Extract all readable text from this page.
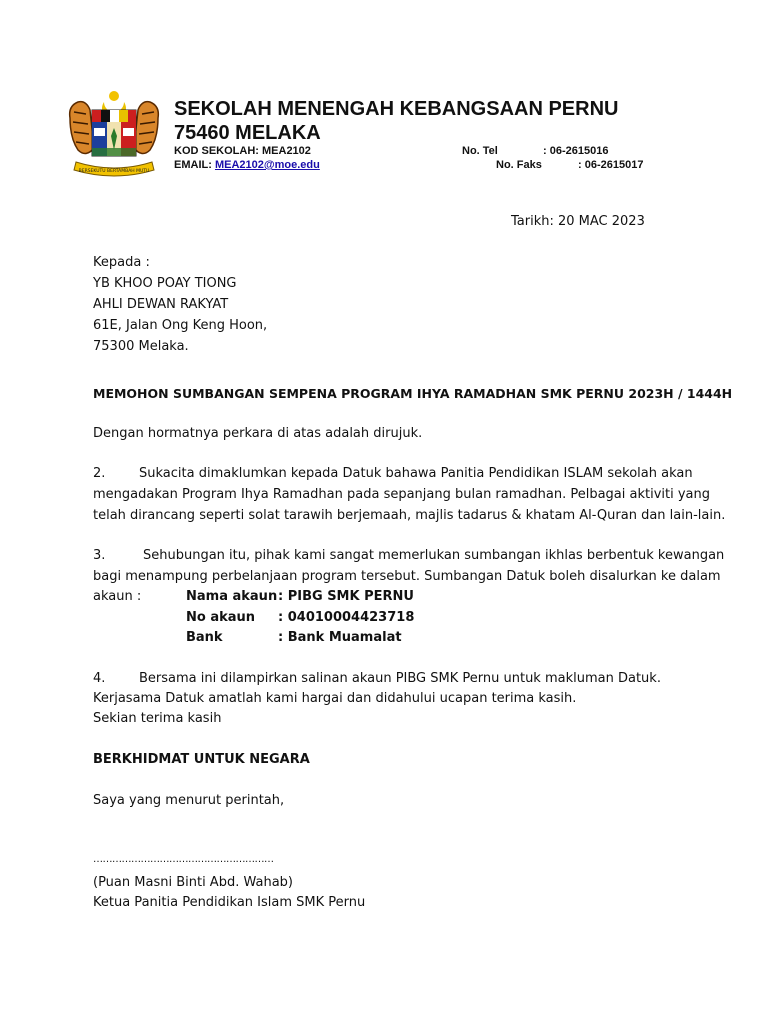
BERSEKUTU BERTAMBAH MUTU
SEKOLAH MENENGAH KEBANGSAAN PERNU
75460 MELAKA
KOD SEKOLAH: MEA2102
EMAIL: MEA2102@moe.edu
No. Tel	: 06-2615016
No. Faks	: 06-2615017
Tarikh: 20 MAC 2023
Kepada :
YB KHOO POAY TIONG
AHLI DEWAN RAKYAT
61E, Jalan Ong Keng Hoon,
75300 Melaka.
MEMOHON SUMBANGAN SEMPENA PROGRAM IHYA RAMADHAN SMK PERNU 2023H / 1444H
Dengan hormatnya perkara di atas adalah dirujuk.
2.	Sukacita dimaklumkan kepada Datuk bahawa Panitia Pendidikan ISLAM sekolah akan
mengadakan Program Ihya Ramadhan pada sepanjang bulan ramadhan. Pelbagai aktiviti yang
telah dirancang seperti solat tarawih berjemaah, majlis tadarus & khatam Al-Quran dan lain-lain.
3.	Sehubungan itu, pihak kami sangat memerlukan sumbangan ikhlas berbentuk kewangan
bagi menampung perbelanjaan program tersebut. Sumbangan Datuk boleh disalurkan ke dalam
akaun :	Nama akaun : PIBG SMK PERNU
No akaun : 04010004423718
Bank	: Bank Muamalat
4.	Bersama ini dilampirkan salinan akaun PIBG SMK Pernu untuk makluman Datuk.
Kerjasama Datuk amatlah kami hargai dan didahului ucapan terima kasih.
Sekian terima kasih
BERKHIDMAT UNTUK NEGARA
Saya yang menurut perintah,
…………………………………………………
(Puan Masni Binti Abd. Wahab)
Ketua Panitia Pendidikan Islam SMK Pernu
